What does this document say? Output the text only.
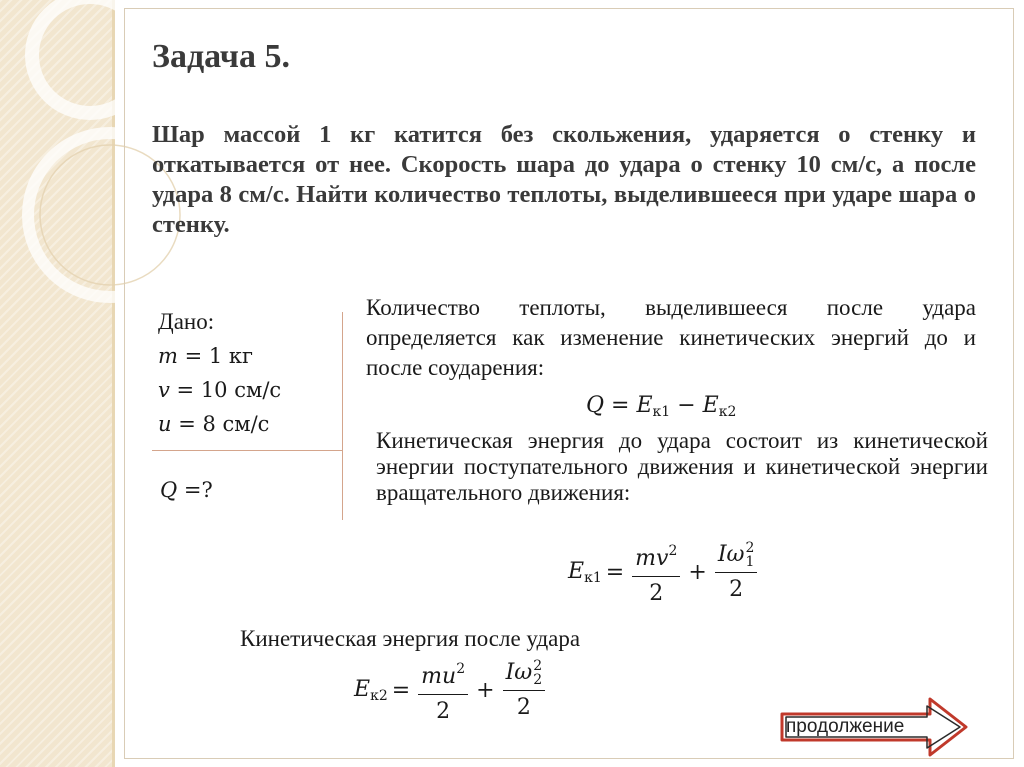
Задача 5.
Шар массой 1 кг катится без скольжения, ударяется о стенку и откатывается от нее. Скорость шара до удара о стенку 10 см/с, а после удара 8 см/с. Найти количество теплоты, выделившееся при ударе шара о стенку.
Дано:
m = 1 кг
v = 10 см/с
u = 8 см/с
Q =?
Количество теплоты, выделившееся после удара определяется как изменение кинетических энергий до и после соударения:
$Q = E_{к1} - E_{к2}$
Кинетическая энергия до удара состоит из кинетической энергии поступательного движения и кинетической энергии вращательного движения:
$E_{к1} = \frac{mv^2}{2} + I\omega$ 2
1
2
Кинетическая энергия после удара
$E_{к2} = \frac{mu^2}{2} + I\omega$ 2
2
2
продолжение
